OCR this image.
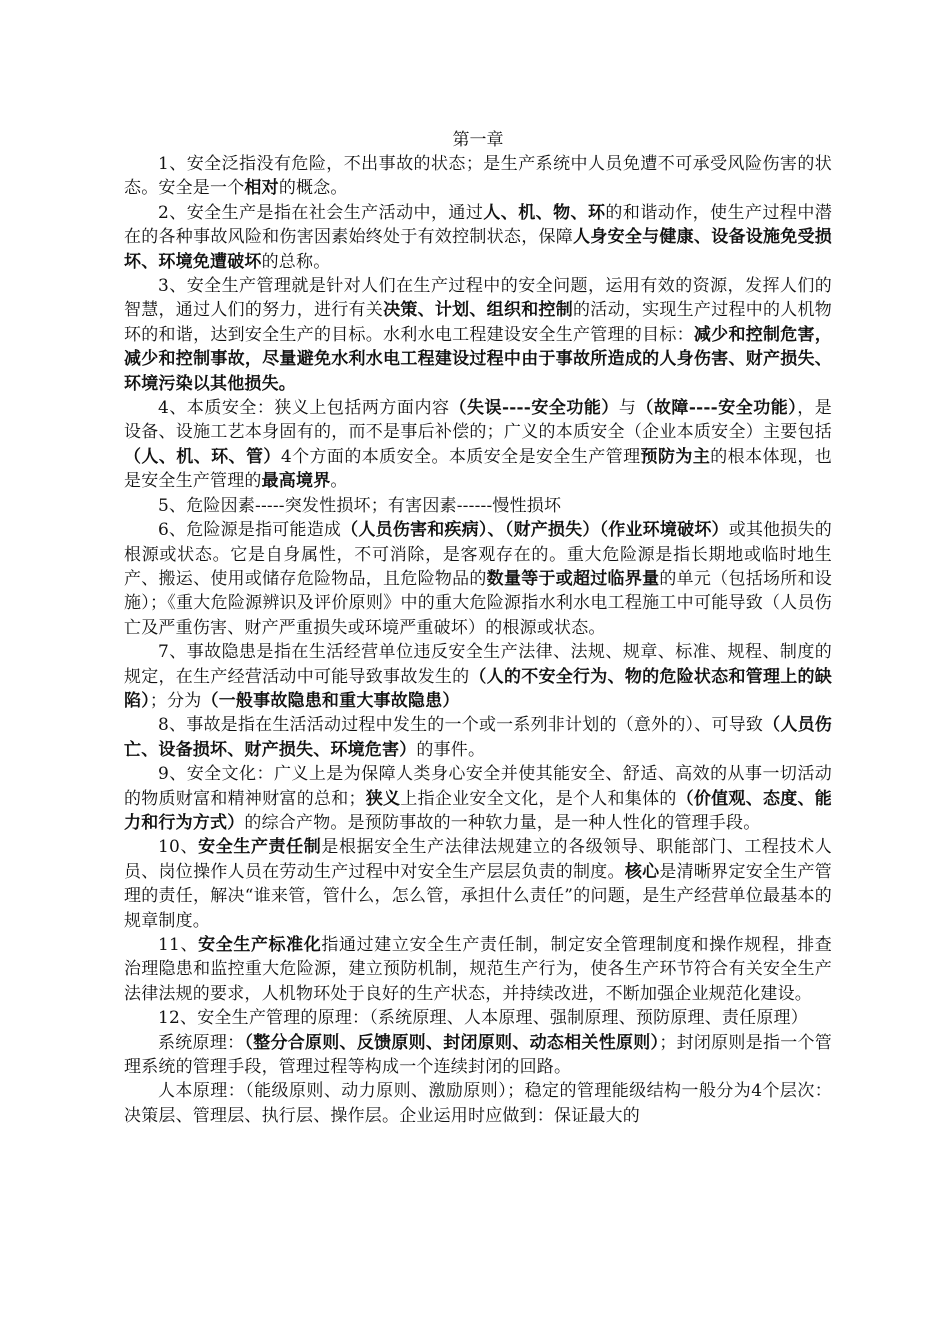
第一章

1、安全泛指没有危险，不出事故的状态；是生产系统中人员免遭不可承受风险伤害的状态。安全是一个相对的概念。

2、安全生产是指在社会生产活动中，通过人、机、物、环的和谐动作，使生产过程中潜在的各种事故风险和伤害因素始终处于有效控制状态，保障人身安全与健康、设备设施免受损坏、环境免遭破坏的总称。

3、安全生产管理就是针对人们在生产过程中的安全问题，运用有效的资源，发挥人们的智慧，通过人们的努力，进行有关决策、计划、组织和控制的活动，实现生产过程中的人机物环的和谐，达到安全生产的目标。水利水电工程建设安全生产管理的目标：减少和控制危害，减少和控制事故，尽量避免水利水电工程建设过程中由于事故所造成的人身伤害、财产损失、环境污染以其他损失。

4、本质安全：狭义上包括两方面内容（失误----安全功能）与（故障----安全功能），是设备、设施工艺本身固有的，而不是事后补偿的；广义的本质安全（企业本质安全）主要包括（人、机、环、管）4个方面的本质安全。本质安全是安全生产管理预防为主的根本体现，也是安全生产管理的最高境界。

5、危险因素-----突发性损坏；有害因素------慢性损坏

6、危险源是指可能造成（人员伤害和疾病）、（财产损失）（作业环境破坏）或其他损失的根源或状态。它是自身属性，不可消除，是客观存在的。重大危险源是指长期地或临时地生产、搬运、使用或储存危险物品，且危险物品的数量等于或超过临界量的单元（包括场所和设施）；《重大危险源辨识及评价原则》中的重大危险源指水利水电工程施工中可能导致（人员伤亡及严重伤害、财产严重损失或环境严重破坏）的根源或状态。

7、事故隐患是指在生活经营单位违反安全生产法律、法规、规章、标准、规程、制度的规定，在生产经营活动中可能导致事故发生的（人的不安全行为、物的危险状态和管理上的缺陷）；分为（一般事故隐患和重大事故隐患）

8、事故是指在生活活动过程中发生的一个或一系列非计划的（意外的）、可导致（人员伤亡、设备损坏、财产损失、环境危害）的事件。

9、安全文化：广义上是为保障人类身心安全并使其能安全、舒适、高效的从事一切活动的物质财富和精神财富的总和；狭义上指企业安全文化，是个人和集体的（价值观、态度、能力和行为方式）的综合产物。是预防事故的一种软力量，是一种人性化的管理手段。

10、安全生产责任制是根据安全生产法律法规建立的各级领导、职能部门、工程技术人员、岗位操作人员在劳动生产过程中对安全生产层层负责的制度。核心是清晰界定安全生产管理的责任，解决“谁来管，管什么，怎么管，承担什么责任”的问题，是生产经营单位最基本的规章制度。

11、安全生产标准化指通过建立安全生产责任制，制定安全管理制度和操作规程，排查治理隐患和监控重大危险源，建立预防机制，规范生产行为，使各生产环节符合有关安全生产法律法规的要求，人机物环处于良好的生产状态，并持续改进，不断加强企业规范化建设。

12、安全生产管理的原理：（系统原理、人本原理、强制原理、预防原理、责任原理）

系统原理：（整分合原则、反馈原则、封闭原则、动态相关性原则）；封闭原则是指一个管理系统的管理手段，管理过程等构成一个连续封闭的回路。

人本原理：（能级原则、动力原则、激励原则）；稳定的管理能级结构一般分为4个层次：决策层、管理层、执行层、操作层。企业运用时应做到：保证最大的
